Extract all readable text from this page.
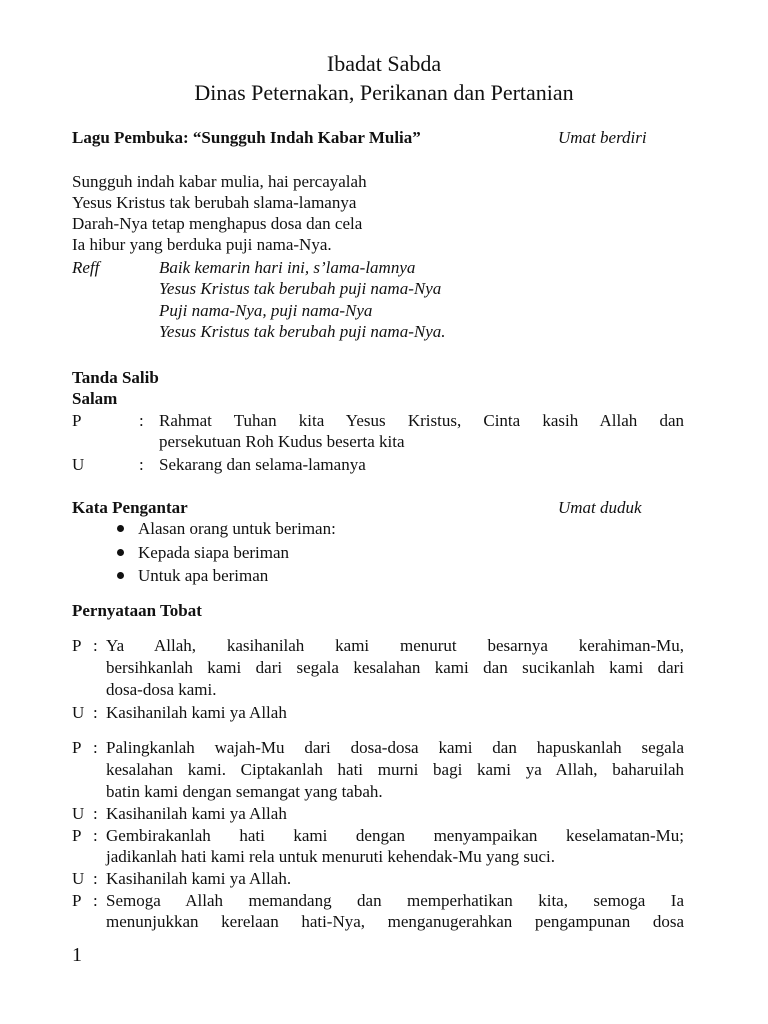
Ibadat Sabda
Dinas Peternakan, Perikanan dan Pertanian
Lagu Pembuka: “Sungguh Indah Kabar Mulia”	Umat berdiri
Sungguh indah kabar mulia, hai percayalah
Yesus Kristus tak berubah slama-lamanya
Darah-Nya tetap menghapus dosa dan cela
Ia hibur yang berduka puji nama-Nya.
Reff	Baik kemarin hari ini, s’lama-lamnya
Yesus Kristus tak berubah puji nama-Nya
Puji nama-Nya, puji nama-Nya
Yesus Kristus tak berubah puji nama-Nya.
Tanda Salib
Salam
P	: Rahmat Tuhan kita Yesus Kristus, Cinta kasih Allah dan
persekutuan Roh Kudus beserta kita
U	: Sekarang dan selama-lamanya
Kata Pengantar	Umat duduk
Alasan orang untuk beriman:
Kepada siapa beriman
Untuk apa beriman
Pernyataan Tobat
P : Ya Allah, kasihanilah kami menurut besarnya kerahiman-Mu,
bersihkanlah kami dari segala kesalahan kami dan sucikanlah kami dari
dosa-dosa kami.
U : Kasihanilah kami ya Allah
P : Palingkanlah wajah-Mu dari dosa-dosa kami dan hapuskanlah segala
kesalahan kami. Ciptakanlah hati murni bagi kami ya Allah, baharuilah
batin kami dengan semangat yang tabah.
U : Kasihanilah kami ya Allah
P : Gembirakanlah hati kami dengan menyampaikan keselamatan-Mu;
jadikanlah hati kami rela untuk menuruti kehendak-Mu yang suci.
U : Kasihanilah kami ya Allah.
P : Semoga Allah memandang dan memperhatikan kita, semoga Ia
menunjukkan kerelaan hati-Nya, menganugerahkan pengampunan dosa
1
